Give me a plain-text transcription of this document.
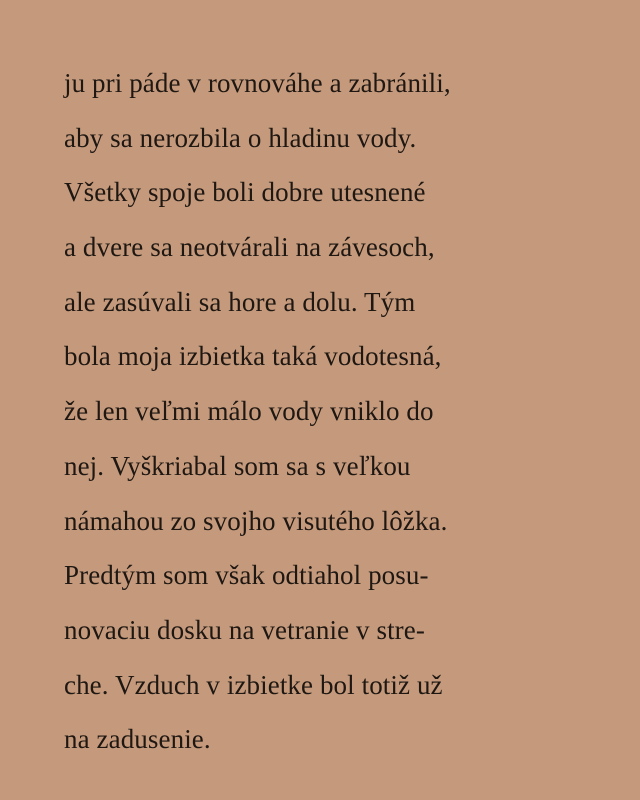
ju pri páde v rovnováhe a zabránili,
aby sa nerozbila o hladinu vody.
Všetky spoje boli dobre utesnené
a dvere sa neotvárali na závesoch,
ale zasúvali sa hore a dolu. Tým
bola moja izbietka taká vodotesná,
že len veľmi málo vody vniklo do
nej. Vyškriabal som sa s veľkou
námahou zo svojho visutého lôžka.
Predtým som však odtiahol posu-
novaciu dosku na vetranie v stre-
che. Vzduch v izbietke bol totiž už
na zadusenie.
